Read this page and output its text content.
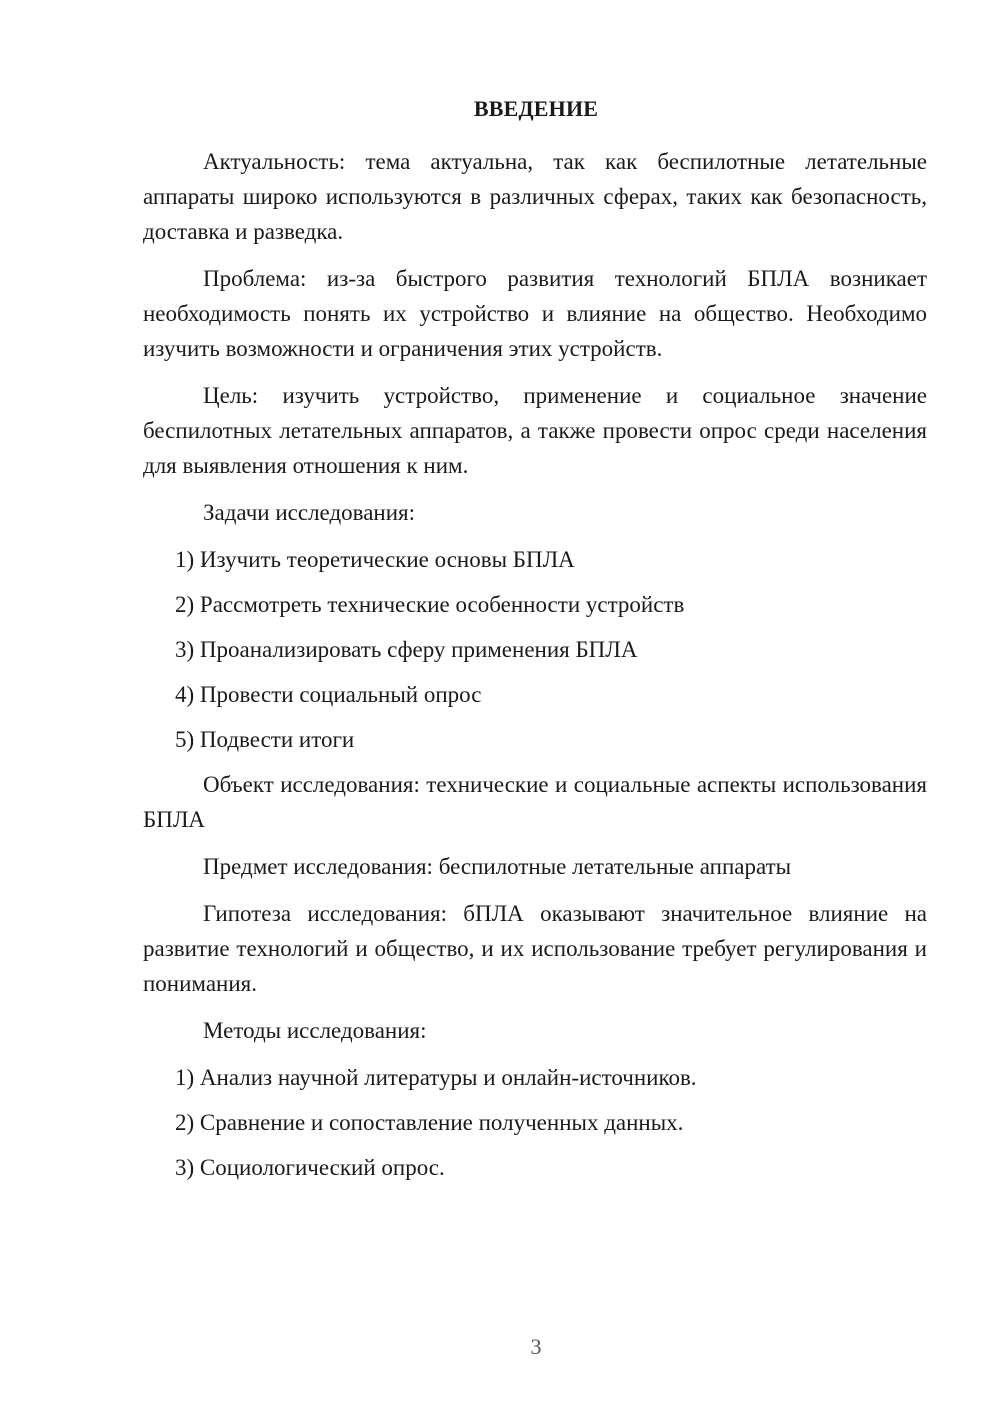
ВВЕДЕНИЕ

Актуальность: тема актуальна, так как беспилотные летательные аппараты широко используются в различных сферах, таких как безопасность, доставка и разведка.

Проблема: из-за быстрого развития технологий БПЛА возникает необходимость понять их устройство и влияние на общество. Необходимо изучить возможности и ограничения этих устройств.

Цель: изучить устройство, применение и социальное значение беспилотных летательных аппаратов, а также провести опрос среди населения для выявления отношения к ним.

Задачи исследования:

1) Изучить теоретические основы БПЛА

2) Рассмотреть технические особенности устройств

3) Проанализировать сферу применения БПЛА

4) Провести социальный опрос

5) Подвести итоги

Объект исследования: технические и социальные аспекты использования БПЛА

Предмет исследования: беспилотные летательные аппараты

Гипотеза исследования: бПЛА оказывают значительное влияние на развитие технологий и общество, и их использование требует регулирования и понимания.

Методы исследования:

1) Анализ научной литературы и онлайн-источников.

2) Сравнение и сопоставление полученных данных.

3) Социологический опрос.

3
